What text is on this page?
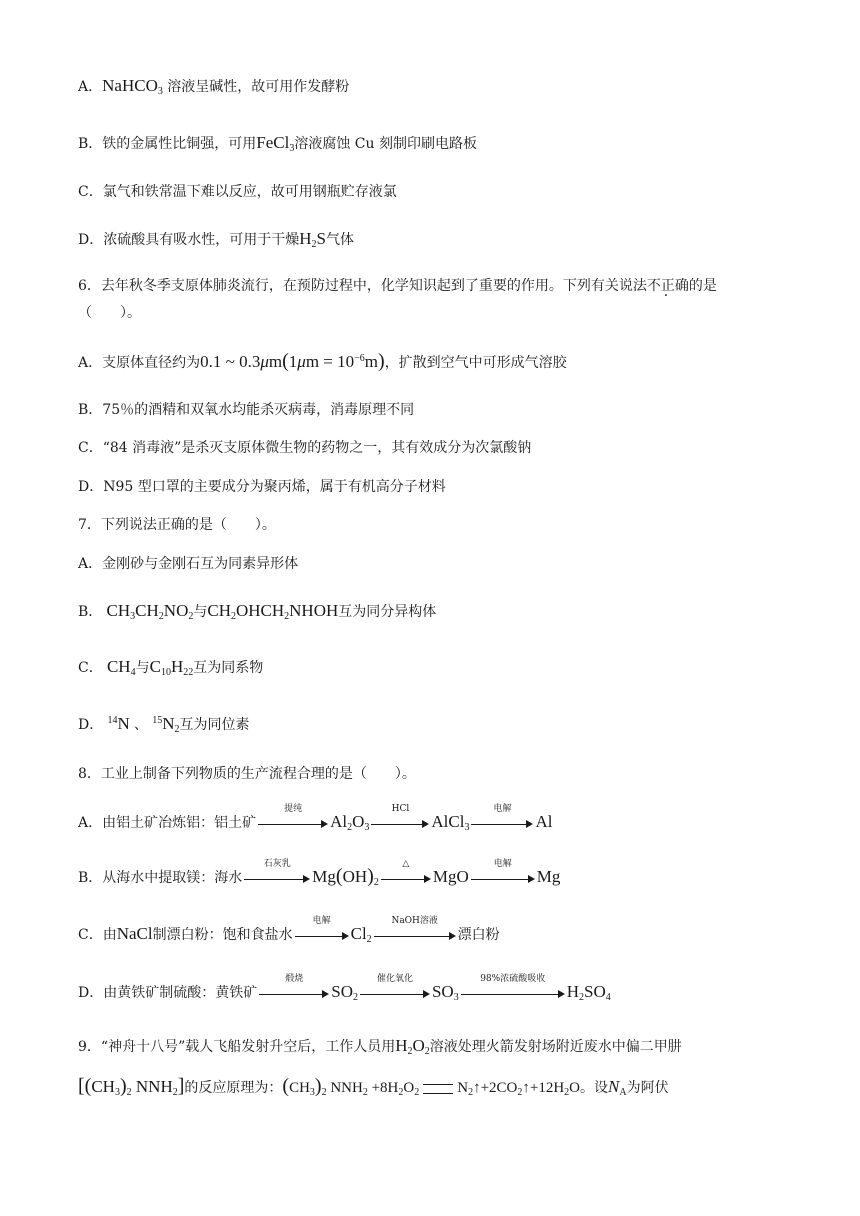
A．NaHCO$_3$ 溶液呈碱性，故可用作发酵粉
B．铁的金属性比铜强，可用FeCl$_3$溶液腐蚀 Cu 刻制印刷电路板
C．氯气和铁常温下难以反应，故可用钢瓶贮存液氯
D．浓硫酸具有吸水性，可用于干燥$H_2S$气体
6．去年秋冬季支原体肺炎流行，在预防过程中，化学知识起到了重要的作用。下列有关说法不正确的是
（　　）。
A．支原体直径约为0.1 ~ $0.3\mu m(1\mu m = 10^{-6}m)$，扩散到空气中可形成气溶胶
B．75％的酒精和双氧水均能杀灭病毒，消毒原理不同
C．“84 消毒液”是杀灭支原体微生物的药物之一，其有效成分为次氯酸钠
D．N95 型口罩的主要成分为聚丙烯，属于有机高分子材料
7．下列说法正确的是（　　）。
A．金刚砂与金刚石互为同素异形体
B． $CH_3CH_2NO_2$与$CH_2OHCH_2NHOH$互为同分异构体
C． $CH_4$与$C_{10}H_{22}$互为同系物
D． $^{14}$N 、 $^{15}N_2$互为同位素
8．工业上制备下列物质的生产流程合理的是（　　）。
A．由铝土矿冶炼铝：铝土矿
提纯
$Al_2O_3$
HCl
AlCl$_3$
电解
Al
B．从海水中提取镁：海水
石灰乳
$Mg(OH)_2$
△
MgO
电解
Mg
C．由NaCl制漂白粉：饱和食盐水
电解
$Cl_2$
NaOH溶液
漂白粉
D．由黄铁矿制硫酸：黄铁矿
煅烧
$SO_2$
催化氧化
$SO_3$
98%浓硫酸吸收
$H_2SO_4$
9．“神舟十八号”载人飞船发射升空后，工作人员用$H_2O_2$溶液处理火箭发射场附近废水中偏二甲肼
[$(CH_3)_2$ $NNH_2$]的反应原理为：$(CH_3)_2$ $NNH_2 +8H_2O_2$	$N_2↑+2CO_2↑+12H_2O$。设$N_A$为阿伏
